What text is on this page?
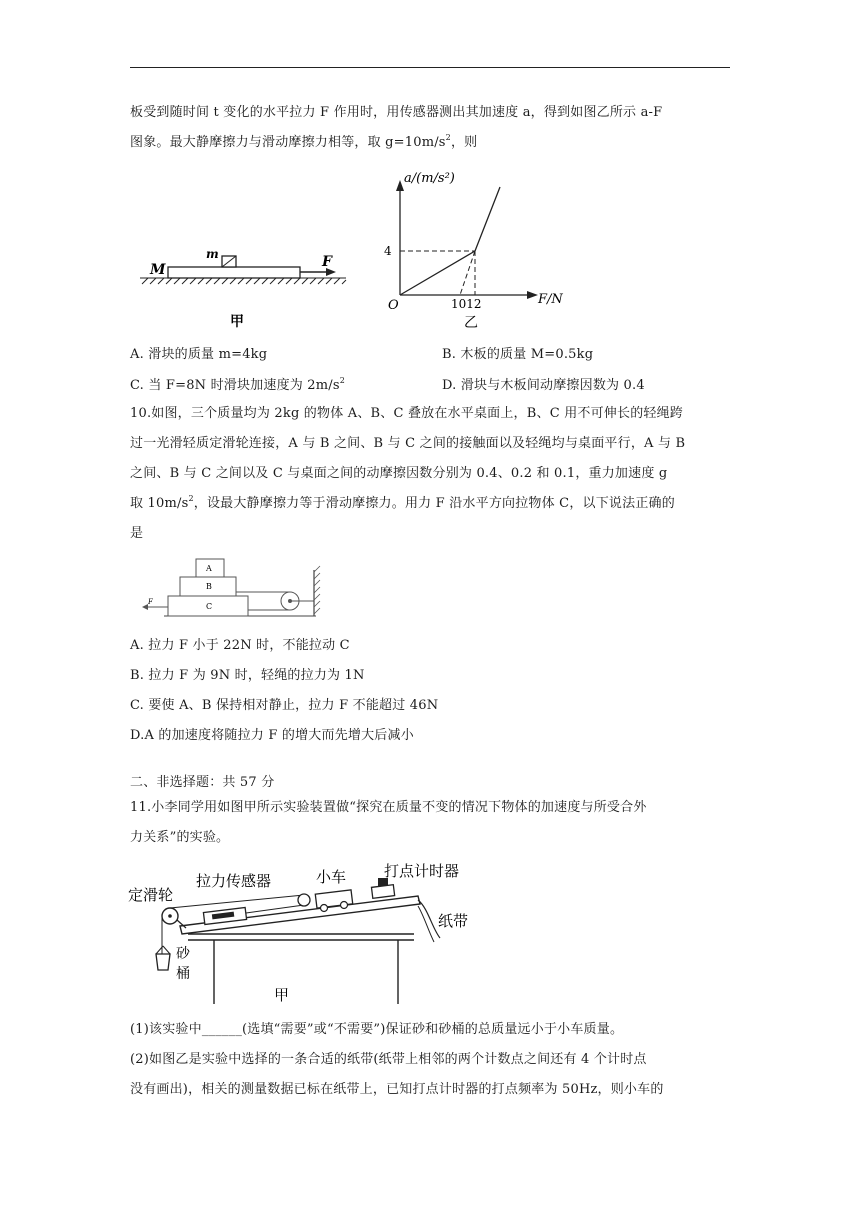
板受到随时间 t 变化的水平拉力 F 作用时，用传感器测出其加速度 a，得到如图乙所示 a-F
图象。最大静摩擦力与滑动摩擦力相等，取 $g=10m/s^2$，则
M
m	F
甲
a/(m/s²)
F/N
O
4
1012
乙
A. 滑块的质量 m=4kg	B. 木板的质量 M=0.5kg
C. 当 F=8N 时滑块加速度为 $2m/s^2$	D. 滑块与木板间动摩擦因数为 0.4
10.如图，三个质量均为 2kg 的物体 A、B、C 叠放在水平桌面上，B、C 用不可伸长的轻绳跨
过一光滑轻质定滑轮连接，A 与 B 之间、B 与 C 之间的接触面以及轻绳均与桌面平行，A 与 B
之间、B 与 C 之间以及 C 与桌面之间的动摩擦因数分别为 0.4、0.2 和 0.1，重力加速度 g
取 $10m/s^2$，设最大静摩擦力等于滑动摩擦力。用力 F 沿水平方向拉物体 C，以下说法正确的
是
A
B
C
F
A. 拉力 F 小于 22N 时，不能拉动 C
B. 拉力 F 为 9N 时，轻绳的拉力为 1N
C. 要使 A、B 保持相对静止，拉力 F 不能超过 46N
D.A 的加速度将随拉力 F 的增大而先增大后减小
二、非选择题：共 57 分
11.小李同学用如图甲所示实验装置做“探究在质量不变的情况下物体的加速度与所受合外
力关系”的实验。
定滑轮
拉力传感器	小车	打点计时器
纸带
砂
桶
甲
(1)该实验中______(选填“需要”或“不需要”)保证砂和砂桶的总质量远小于小车质量。
(2)如图乙是实验中选择的一条合适的纸带(纸带上相邻的两个计数点之间还有 4 个计时点
没有画出)，相关的测量数据已标在纸带上，已知打点计时器的打点频率为 50Hz，则小车的
